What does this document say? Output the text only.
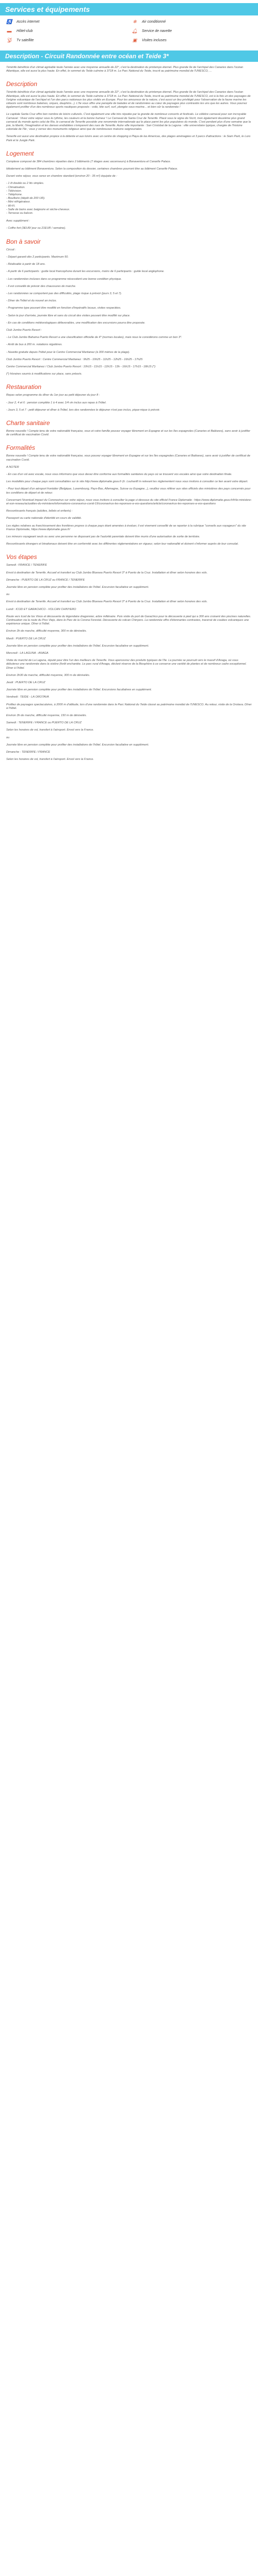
Services et équipements
♿ Accès internet	❄	Air conditionné
▬ Hôtel-club	🔔︎ Service de navette
📡︎ Tv satellite	▣ Visites incluses
Description - Circuit Randonnée entre océan et Teide 3*

Ténérife bénéficie d'un climat agréable toute l'année avec une moyenne annuelle de 22°, c'est la destination du printemps éternel. Plus grande île de l'archipel des Canaries dans l'océan Atlantique, elle est aussi la plus haute. En effet, le sommet du Teide culmine à 3718 m. Le Parc National du Teide, inscrit au patrimoine mondial de l'UNESCO, ...

Description

Ténérife bénéficie d'un climat agréable toute l'année avec une moyenne annuelle de 22°, c'est la destination du printemps éternel. Plus grande île de l'archipel des Canaries dans l'océan Atlantique, elle est aussi la plus haute. En effet, le sommet du Teide culmine à 3718 m. Le Parc National du Teide, inscrit au patrimoine mondial de l'UNESCO, est à la fois un des paysages de l'origine volcanique de l'archipel et l'un des parcs nationaux les plus visités en Europe. Pour les amoureux de la nature, c'est aussi un lieu privilégié pour l'observation de la faune marine les cétacés sont nombreux baleines, orques, dauphins...). L'île vous offre une panoplie de balades et de randonnées au cœur de paysages plus contrastés les uns que les autres. Vous pourrez également profiter d'un des nombreux sports nautiques proposés : voile, kite surf, surf, plongée sous-marine... et bien sûr la randonnée !

Le capitale Santa Cruz offre bon nombre de loisirs culturels. C'est également une ville très réputée par la grande de nombreux concerts et festivals. Le célèbre carnaval pour son incroyable Carnaval : Vivez votre séjour sous le rythme, les couleurs et la bonne humeur ! Le Carnaval de Santa Cruz de Tenerife. Placé sous le signe de l'écrit, mon également deuxième plus grand carnaval du monde après celui de Rio, le carnaval de Tenerife possède une renommée internationale qui le place parmi les plus populaires du monde. C'est pendant plus d'une semaine que la joie, la liberté, l'imagination et les danses endiablées s'emparent des rues de Tenerife. Autre ville importante : San Cristobal de la Laguna : ville universitaire typique, chargée de l'histoire coloniale de l'île ; vous y verrez des monuments religieux ainsi que de nombreuses maisons seigneuriales.

Tenerife est aussi une destination propice à la détente et aux loisirs avec un centre de shopping à Playa de las Americas, des plages aménagées et 3 parcs d'attractions : le Siam Park, le Loro Park et le Jungle Park.

Logement

Complexe composé de 384 chambres réparties dans 2 bâtiments (7 étages avec ascenseurs) à Bonaventura et Canarife Palace.

Idéalement au bâtiment Bonaventura. Selon la composition du dossier, certaines chambres pourront être au bâtiment Canarife Palace.

Durant votre séjour, vous serez en chambre standard (environ 20 - 35 m²) équipée de :

- 1 lit double ou 2 lits simples.
- Climatisation.
- Télévision.
- Téléphone.
- Bouilloire (dépôt de 200 UR).
- Mini réfrigérateur.
- Wi-Fi.
- Salle de bains avec baignoire et sèche-cheveux.
- Terrasse ou balcon.

Avec supplément :

- Coffre fort (3EUR/ jour ou 21EUR / semaine).

Bon à savoir

Circuit :

- Départ garanti dès 2 participants. Maximum 50.

- Réalisable à partir de 18 ans.

- A partir de 6 participants : guide local francophone durant les excursions, moins de 6 participants : guide local anglophone.

- Les randonnées incluses dans ce programme nécessitent une bonne condition physique.

- Il est conseillé de prévoir des chaussures de marche.

- Les randonnées se comportent pas des difficultés, plage risque à prévoir (jours 3, 5 et 7).

- Dîner de l'hôtel et du nouvel an inclus.

- Programme type pouvant être modifié en fonction d'impératifs locaux, visites respectées.

- Selon le jour d'arrivée, journée libre et sans du circuit des visites pouvant être modifié sur place.

- En cas de conditions météorologiques défavorables, une modification des excursions pourra être proposée.

Club Jumbo Puerto Resort :

- Le Club Jumbo Bahama Puerto Resort a une classification officielle de 4* (normes locales), mais nous le considérons comme un bon 3*.

- Arrêt de bus à 200 m. notations régulières.

- Navette gratuite depuis l'hôtel pour le Centre Commercial Martianez (à 300 mètres de la plage).

Club Jumbo Puerto Resort : Centre Commercial Martianez : 9h25 - 10h25 - 11h25 - 12h25 - 16h25 - 17h25

Centre Commercial Martianez / Club Jumbo Puerto Resort : 10h15 - 11h15 - 12h15 - 13h - 16h15 - 17h15 - 18h15 (*)

(*) Horaires soumis à modifications sur place, sans préavis.

Restauration

Repas selon programme du dîner du 1er jour au petit déjeuner du jour 8 :

- Jour 2, 4 et 6 : pension complète 1 à 4 avec 1/4 vin inclus aux repas à l'hôtel.

- Jours 3, 5 et 7 : petit déjeuner et dîner à l'hôtel, lors des randonnées le déjeuner n'est pas inclus, pique-nique à prévoir.

Charte sanitaire

Bonne nouvelle ! Compte tenu de votre nationalité française, vous et votre famille pouvez voyager librement en Espagne et sur les îles espagnoles (Canaries et Baléares), sans avoir à justifier de certificat de vaccination Covid.

Formalités

Bonne nouvelle ! Compte tenu de votre nationalité française, vous pouvez voyager librement en Espagne et sur les îles espagnoles (Canaries et Baléares), sans avoir à justifier de certificat de vaccination Covid.

A NOTER

- En cas d'un vol avec escale, nous vous informons que vous devez être conforme aux formalités sanitaires du pays où se trouvent vos escales ainsi que votre destination finale.

Les modalités pour chaque pays sont consultables sur le site http://www.diplomatie.gouv.fr (Ir. Louhanfil in relevant les règlementent nous vous invitons à consulter ce lien avant votre départ.

- Pour tout départ d'un aéroport frontalier (Belgique, Luxembourg, Pays-Bas, Allemagne, Suisse ou Espagne...), veuillez vous référer aux sites officiels des ministères des pays concernés pour les conditions de départ et de retour.

Concernant l'éventuel impact du Coronavirus sur votre séjour, nous vous invitons à consulter la page ci-dessous du site officiel France Diplomatie : https://www.diplomatie.gouv.fr/fr/le-ministere-et-son-reseau/actualites-du-ministere/informations-coronavirus-covid-19/coronavirus-les-reponses-a-vos-questions/article/coronavirus-les-reponses-a-vos-questions

Ressortissants français (adultes, bébés et enfants) :

Passeport ou carte nationale d'identité en cours de validité.

Les règles relatives au franchissement des frontières propres à chaque pays étant amenées à évoluer, il est vivement conseillé de se reporter à la rubrique "conseils aux voyageurs" du site France Diplomatie, https://www.diplomatie.gouv.fr/

Les mineurs voyageant seuls ou avec une personne ne disposant pas de l'autorité parentale doivent être munis d'une autorisation de sortie de territoire.

Ressortissants étrangers et binationaux doivent être en conformité avec les différentes réglementations en vigueur, selon leur nationalité et doivent s'informer auprès de leur consulat.

Vos étapes

Samedi : FRANCE / TENERIFE

Envol à destination de Tenerife. Accueil et transfert au Club Jumbo Bluesea Puerto Resort 3* à Puerto de la Cruz. Installation et dîner selon horaires des vols.

Dimanche : PUERTO DE LA CRUZ ou FRANCE / TENERIFE

Journée libre en pension complète pour profiter des installations de l'hôtel. Excursion facultative en supplément.

ou

Envol à destination de Tenerife. Accueil et transfert au Club Jumbo Bluesea Puerto Resort 3* à Puerto de la Cruz. Installation et dîner selon horaires des vols.

Lundi : ICOD ET GARACHICO - VOLCAN CHINYERO

Route vers Icod de los Vinos et découverte du légendaire dragonnier, arbre millénaire. Puis visite du port de Garachico pour la découverte à pied qui a 300 ans croisent des piscines naturelles. Continuation via la route du Pico Viejo, dans le Parc de la Corona Forestal. Découverte du volcan Chinyero. La randonnée offre d'étonnantes contrastes, traversé de coulées volcaniques une expérience unique. Dîner à l'hôtel.

Environ 3h de marche, difficulté moyenne, 300 m de dénivelés.

Mardi : PUERTO DE LA CRUZ

Journée libre en pension complète pour profiter des installations de l'hôtel. Excursion facultative en supplément.

Mercredi : LA LAGUNA - ANAGA

Visite du marché de La Laguna, réputé pour être l'un des meilleurs de Tenerife. Vous apercevrez des produits typiques de l'île. La journée se poursuit vers le massif d'Anaga, où vous débuterez une randonnée dans la sistère (forêt enchantée. Le parc rural d'Anaga, déclaré réserve de la Biosphère à ce conserve une variété de plantes et de nombreux cadre exceptionnel. Dîner à l'hôtel.

Environ 3h30 de marche, difficulté moyenne, 300 m de dénivelés.

Jeudi : PUERTO DE LA CRUZ

Journée libre en pension complète pour profiter des installations de l'hôtel. Excursions facultatives en supplément.

Vendredi : TEIDE - LA OROTAVA

Profitez de paysages spectaculaires, à 2000 m d'altitude, lors d'une randonnée dans le Parc National du Teide classé au patrimoine mondial de l'UNESCO. Au retour, visite de la Orotava. Dîner à l'hôtel.

Environ 3h de marche, difficulté moyenne, 150 m de dénivelés.

Samedi : TENERIFE / FRANCE ou PUERTO DE LA CRUZ

Selon les horaires de vol, transfert à l'aéroport. Envol vers la France.

ou

Journée libre en pension complète pour profiter des installations de l'hôtel. Excursion facultative en supplément.

Dimanche : TENERIFE / FRANCE

Selon les horaires de vol, transfert à l'aéroport. Envol vers la France.
